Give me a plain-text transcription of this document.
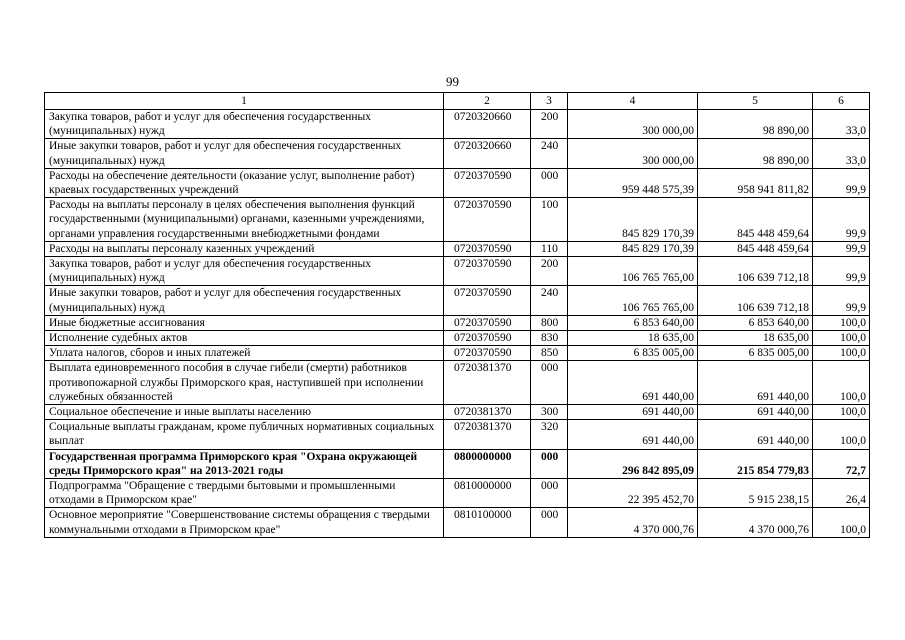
99
1	2	3	4	5	6
Закупка товаров, работ и услуг для обеспечения государственных (муниципальных) нужд	0720320660	200	300 000,00	98 890,00	33,0
Иные закупки товаров, работ и услуг для обеспечения государственных (муниципальных) нужд	0720320660	240	300 000,00	98 890,00	33,0
Расходы на обеспечение деятельности (оказание услуг, выполнение работ) краевых государственных учреждений	0720370590	000	959 448 575,39	958 941 811,82	99,9
Расходы на выплаты персоналу в целях обеспечения выполнения функций государственными (муниципальными) органами, казенными учреждениями, органами управления государственными внебюджетными фондами	0720370590	100	845 829 170,39	845 448 459,64	99,9
Расходы на выплаты персоналу казенных учреждений	0720370590	110	845 829 170,39	845 448 459,64	99,9
Закупка товаров, работ и услуг для обеспечения государственных (муниципальных) нужд	0720370590	200	106 765 765,00	106 639 712,18	99,9
Иные закупки товаров, работ и услуг для обеспечения государственных (муниципальных) нужд	0720370590	240	106 765 765,00	106 639 712,18	99,9
Иные бюджетные ассигнования	0720370590	800	6 853 640,00	6 853 640,00	100,0
Исполнение судебных актов	0720370590	830	18 635,00	18 635,00	100,0
Уплата налогов, сборов и иных платежей	0720370590	850	6 835 005,00	6 835 005,00	100,0
Выплата единовременного пособия в случае гибели (смерти) работников противопожарной службы Приморского края, наступившей при исполнении служебных обязанностей	0720381370	000	691 440,00	691 440,00	100,0
Социальное обеспечение и иные выплаты населению	0720381370	300	691 440,00	691 440,00	100,0
Социальные выплаты гражданам, кроме публичных нормативных социальных выплат	0720381370	320	691 440,00	691 440,00	100,0
Государственная программа Приморского края "Охрана окружающей среды Приморского края" на 2013-2021 годы	0800000000	000	296 842 895,09	215 854 779,83	72,7
Подпрограмма "Обращение с твердыми бытовыми и промышленными отходами в Приморском крае"	0810000000	000	22 395 452,70	5 915 238,15	26,4
Основное мероприятие "Совершенствование системы обращения с твердыми коммунальными отходами в Приморском крае"	0810100000	000	4 370 000,76	4 370 000,76	100,0
